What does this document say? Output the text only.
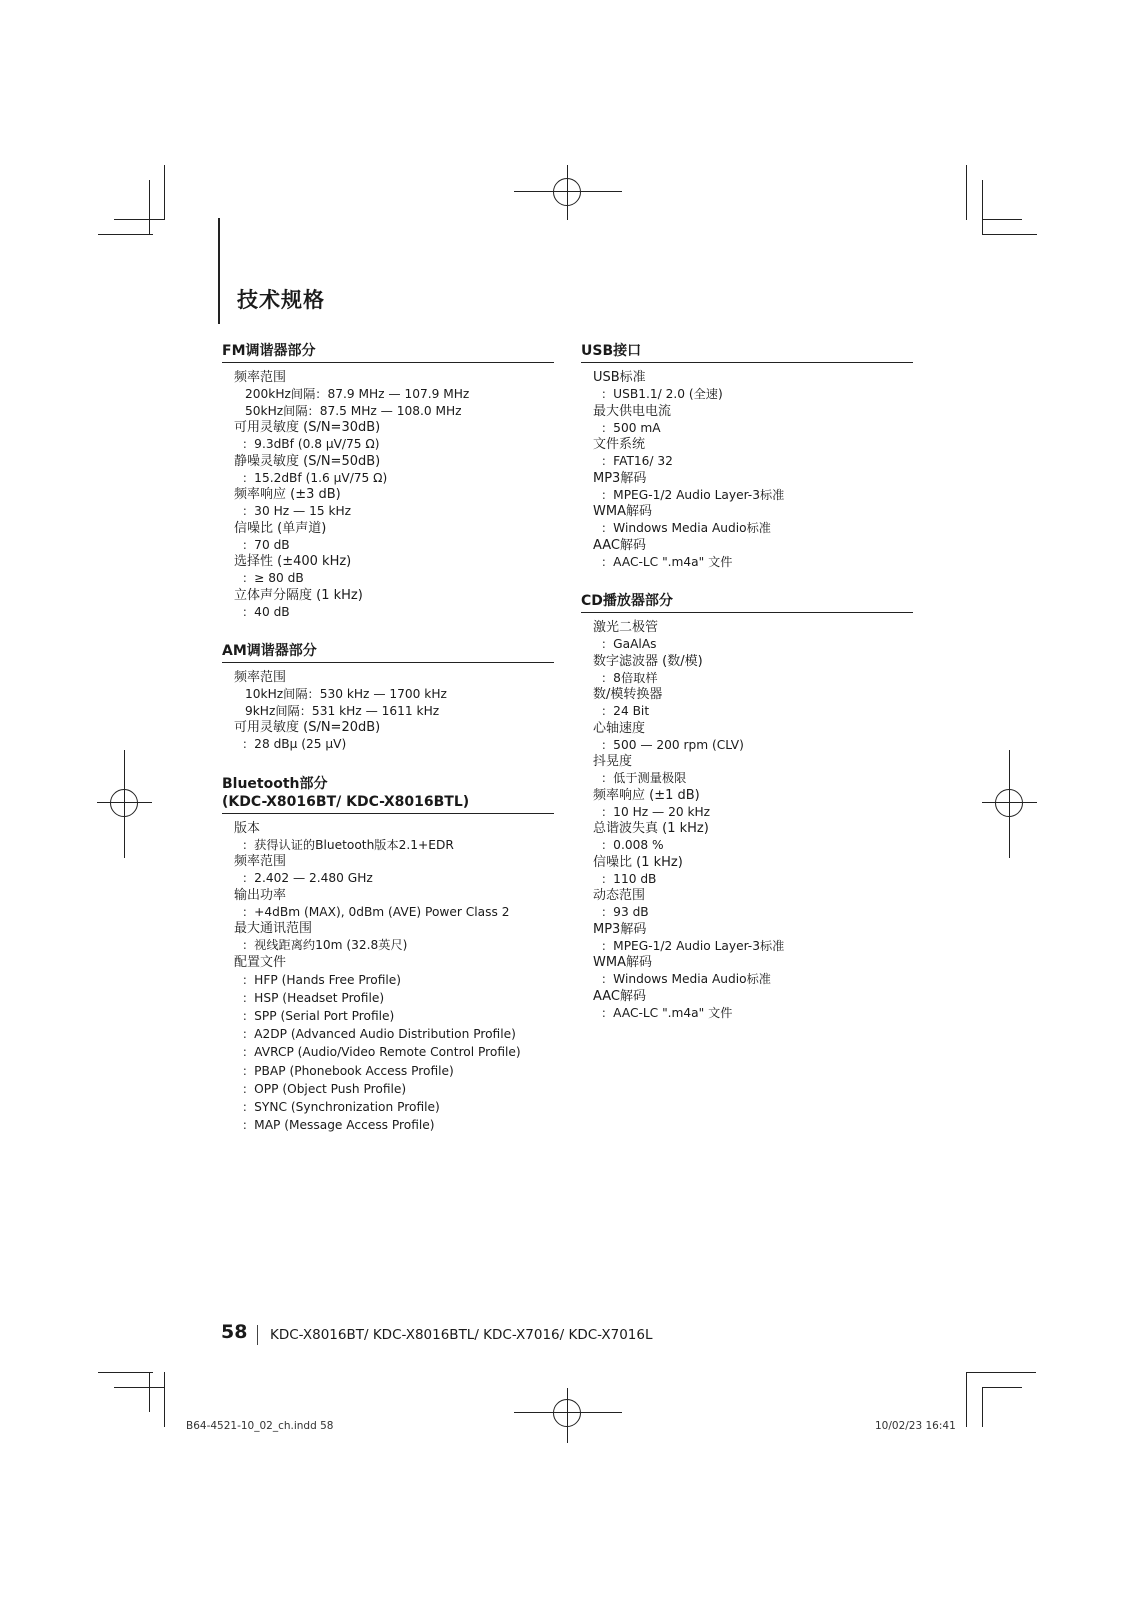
技术规格
FM调谐器部分
频率范围
200kHz间隔：87.9 MHz — 107.9 MHz
50kHz间隔：87.5 MHz — 108.0 MHz
可用灵敏度 (S/N=30dB)
：9.3dBf (0.8 μV/75 Ω)
静噪灵敏度 (S/N=50dB)
：15.2dBf (1.6 μV/75 Ω)
频率响应 (±3 dB)
：30 Hz — 15 kHz
信噪比 (单声道)
：70 dB
选择性 (±400 kHz)
：≥ 80 dB
立体声分隔度 (1 kHz)
：40 dB
AM调谐器部分
频率范围
10kHz间隔：530 kHz — 1700 kHz
9kHz间隔：531 kHz — 1611 kHz
可用灵敏度 (S/N=20dB)
：28 dBμ (25 μV)
Bluetooth部分
(KDC-X8016BT/ KDC-X8016BTL)
版本
：获得认证的Bluetooth版本2.1+EDR
频率范围
：2.402 — 2.480 GHz
输出功率
：+4dBm (MAX), 0dBm (AVE) Power Class 2
最大通讯范围
：视线距离约10m (32.8英尺)
配置文件
：HFP (Hands Free Profile)
：HSP (Headset Profile)
：SPP (Serial Port Profile)
：A2DP (Advanced Audio Distribution Profile)
：AVRCP (Audio/Video Remote Control Profile)
：PBAP (Phonebook Access Profile)
：OPP (Object Push Profile)
：SYNC (Synchronization Profile)
：MAP (Message Access Profile)
USB接口
USB标准
：USB1.1/ 2.0 (全速)
最大供电电流
：500 mA
文件系统
：FAT16/ 32
MP3解码
：MPEG-1/2 Audio Layer-3标准
WMA解码
：Windows Media Audio标准
AAC解码
：AAC-LC ".m4a" 文件
CD播放器部分
激光二极管
：GaAlAs
数字滤波器 (数/模)
：8倍取样
数/模转换器
：24 Bit
心轴速度
：500 — 200 rpm (CLV)
抖晃度
：低于测量极限
频率响应 (±1 dB)
：10 Hz — 20 kHz
总谐波失真 (1 kHz)
：0.008 %
信噪比 (1 kHz)
：110 dB
动态范围
：93 dB
MP3解码
：MPEG-1/2 Audio Layer-3标准
WMA解码
：Windows Media Audio标准
AAC解码
：AAC-LC ".m4a" 文件
58 KDC-X8016BT/ KDC-X8016BTL/ KDC-X7016/ KDC-X7016L
B64-4521-10_02_ch.indd 58	10/02/23 16:41
